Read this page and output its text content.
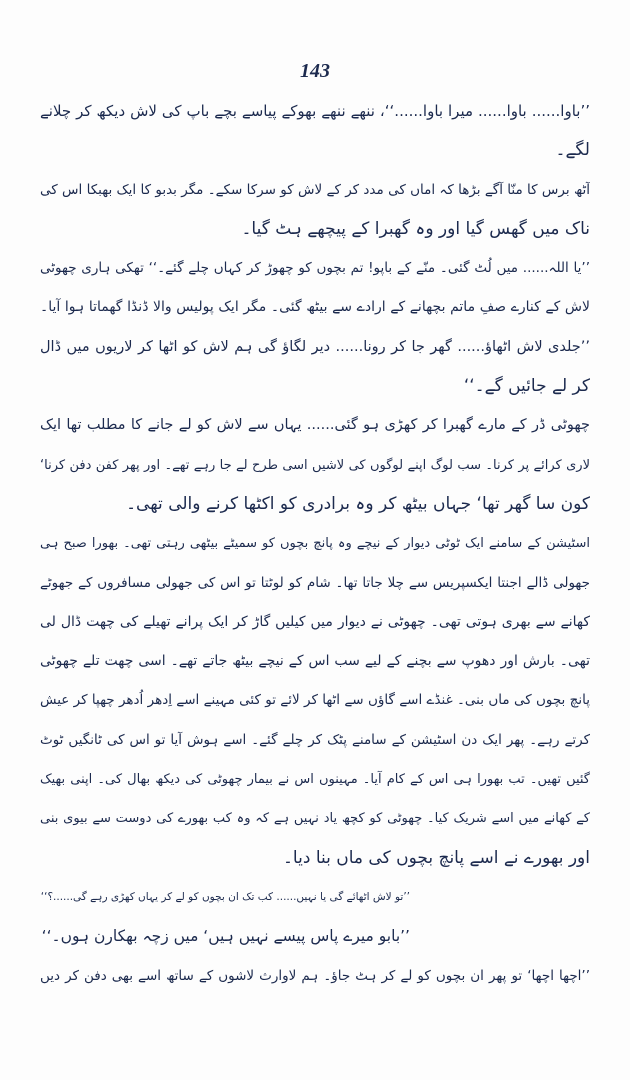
143
’’باوا...... باوا...... میرا باوا......‘‘، ننھے ننھے بھوکے پیاسے بچے باپ کی لاش دیکھ کر چلانے
لگے۔
آٹھ برس کا منّا آگے بڑھا کہ اماں کی مدد کر کے لاش کو سرکا سکے۔ مگر بدبو کا ایک بھبکا اس کی
ناک میں گھس گیا اور وہ گھبرا کے پیچھے ہٹ گیا۔
’’یا اللہ...... میں لُٹ گئی۔ منّے کے باپو! تم بچوں کو چھوڑ کر کہاں چلے گئے۔‘‘ تھکی ہاری چھوٹی
لاش کے کنارے صفِ ماتم بچھانے کے ارادے سے بیٹھ گئی۔ مگر ایک پولیس والا ڈنڈا گھماتا ہوا آیا۔
’’جلدی لاش اٹھاؤ...... گھر جا کر رونا...... دیر لگاؤ گی ہم لاش کو اٹھا کر لاریوں میں ڈال
کر لے جائیں گے۔‘‘
چھوٹی ڈر کے مارے گھبرا کر کھڑی ہو گئی...... یہاں سے لاش کو لے جانے کا مطلب تھا ایک
لاری کرائے پر کرنا۔ سب لوگ اپنے لوگوں کی لاشیں اسی طرح لے جا رہے تھے۔ اور پھر کفن دفن کرنا‘
کون سا گھر تھا‘ جہاں بیٹھ کر وہ برادری کو اکٹھا کرنے والی تھی۔
اسٹیشن کے سامنے ایک ٹوٹی دیوار کے نیچے وہ پانچ بچوں کو سمیٹے بیٹھی رہتی تھی۔ بھورا صبح ہی
جھولی ڈالے اجنتا ایکسپریس سے چلا جاتا تھا۔ شام کو لوٹتا تو اس کی جھولی مسافروں کے جھوٹے
کھانے سے بھری ہوتی تھی۔ چھوٹی نے دیوار میں کیلیں گاڑ کر ایک پرانے تھیلے کی چھت ڈال لی
تھی۔ بارش اور دھوپ سے بچنے کے لیے سب اس کے نیچے بیٹھ جاتے تھے۔ اسی چھت تلے چھوٹی
پانچ بچوں کی ماں بنی۔ غنڈے اسے گاؤں سے اٹھا کر لائے تو کئی مہینے اسے اِدھر اُدھر چھپا کر عیش
کرتے رہے۔ پھر ایک دن اسٹیشن کے سامنے پٹک کر چلے گئے۔ اسے ہوش آیا تو اس کی ٹانگیں ٹوٹ
گئیں تھیں۔ تب بھورا ہی اس کے کام آیا۔ مہینوں اس نے بیمار چھوٹی کی دیکھ بھال کی۔ اپنی بھیک
کے کھانے میں اسے شریک کیا۔ چھوٹی کو کچھ یاد نہیں ہے کہ وہ کب بھورے کی دوست سے بیوی بنی
اور بھورے نے اسے پانچ بچوں کی ماں بنا دیا۔
’’تو لاش اٹھائے گی یا نہیں...... کب تک ان بچوں کو لے کر یہاں کھڑی رہے گی......؟‘‘
’’بابو میرے پاس پیسے نہیں ہیں‘ میں زچہ بھکارن ہوں۔‘‘
’’اچھا اچھا‘ تو پھر ان بچوں کو لے کر ہٹ جاؤ۔ ہم لاوارث لاشوں کے ساتھ اسے بھی دفن کر دیں
